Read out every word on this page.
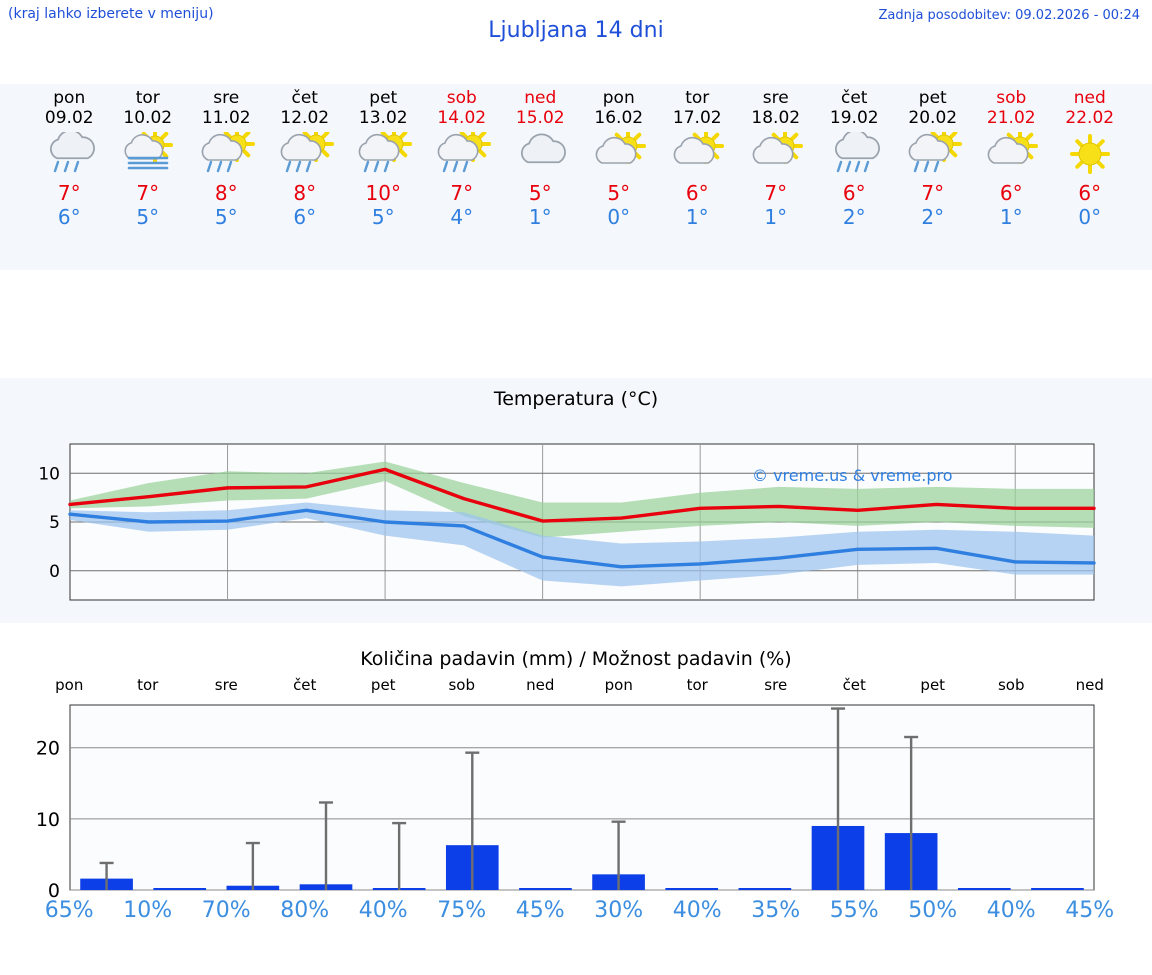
(kraj lahko izberete v meniju)
Ljubljana 14 dni
Zadnja posodobitev: 09.02.2026 - 00:24
pon
09.02
7°
6°
tor
10.02
7°
5°
sre
11.02
8°
5°
čet
12.02
8°
6°
pet
13.02
10°
5°
sob
14.02
7°
4°
ned
15.02
5°
1°
pon
16.02
5°
0°
tor
17.02
6°
1°
sre
18.02
7°
1°
čet
19.02
6°
2°
pet
20.02
7°
2°
sob
21.02
6°
1°
ned
22.02
6°
0°
Temperatura (°C)
0
5
10	© vreme.us & vreme.pro
Količina padavin (mm) / Možnost padavin (%)
pon	tor	sre	čet	pet	sob	ned	pon	tor	sre	čet	pet	sob	ned
0
10
20
65%	10%	70%	80%	40%	75%	45%	30%	40%	35%	55%	50%	40%	45%
